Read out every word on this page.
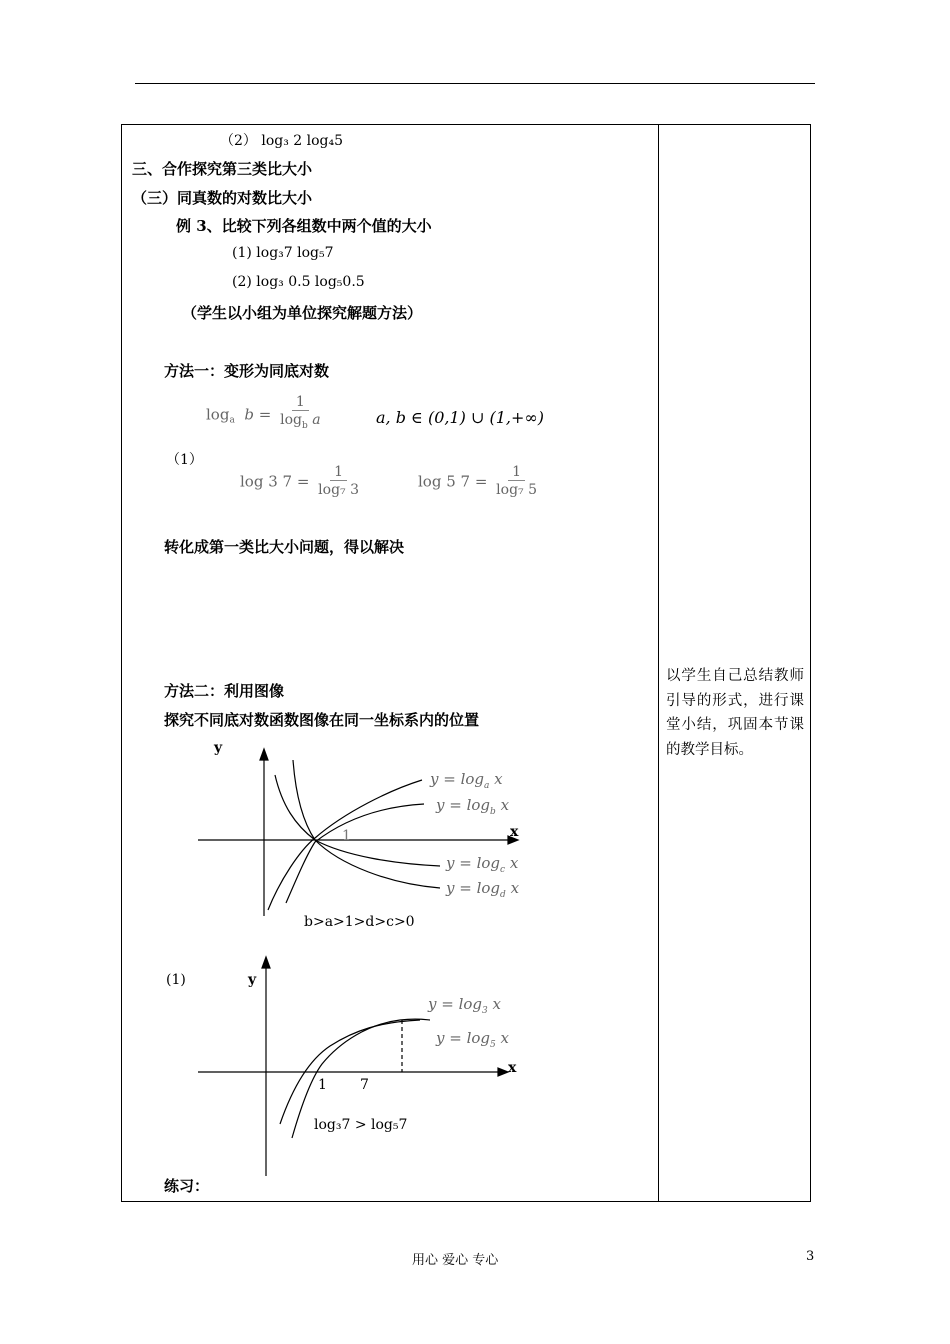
（2） log₃ 2 log₄5
三、合作探究第三类比大小
（三）同真数的对数比大小
例 3、比较下列各组数中两个值的大小
(1) log₃7 log₅7
(2) log₃ 0.5 log₅0.5
（学生以小组为单位探究解题方法）
方法一：变形为同底对数
$\log_a b = \frac{1}{\log_b a}$	a, b ∈ (0,1) ∪ (1,+∞)
（1）
log 3 $7 = \frac{1}{\text{log₇ 3}}$	log 5 $7 = \frac{1}{\text{log₇ 5}}$
转化成第一类比大小问题，得以解决
方法二：利用图像
探究不同底对数函数图像在同一坐标系内的位置
y
x
1
$y = \log_a x$
$y = \log_b x$
$y = \log_c x$
$y = \log_d x$
b>a>1>d>c>0
(1)	y
x
1 7
$y = \log_3 x$
$y = \log_5 x$
log₃7 > log₅7
练习：
以学生自己总结教师引导的形式，进行课堂小结，巩固本节课的教学目标。
用心 爱心 专心	3
